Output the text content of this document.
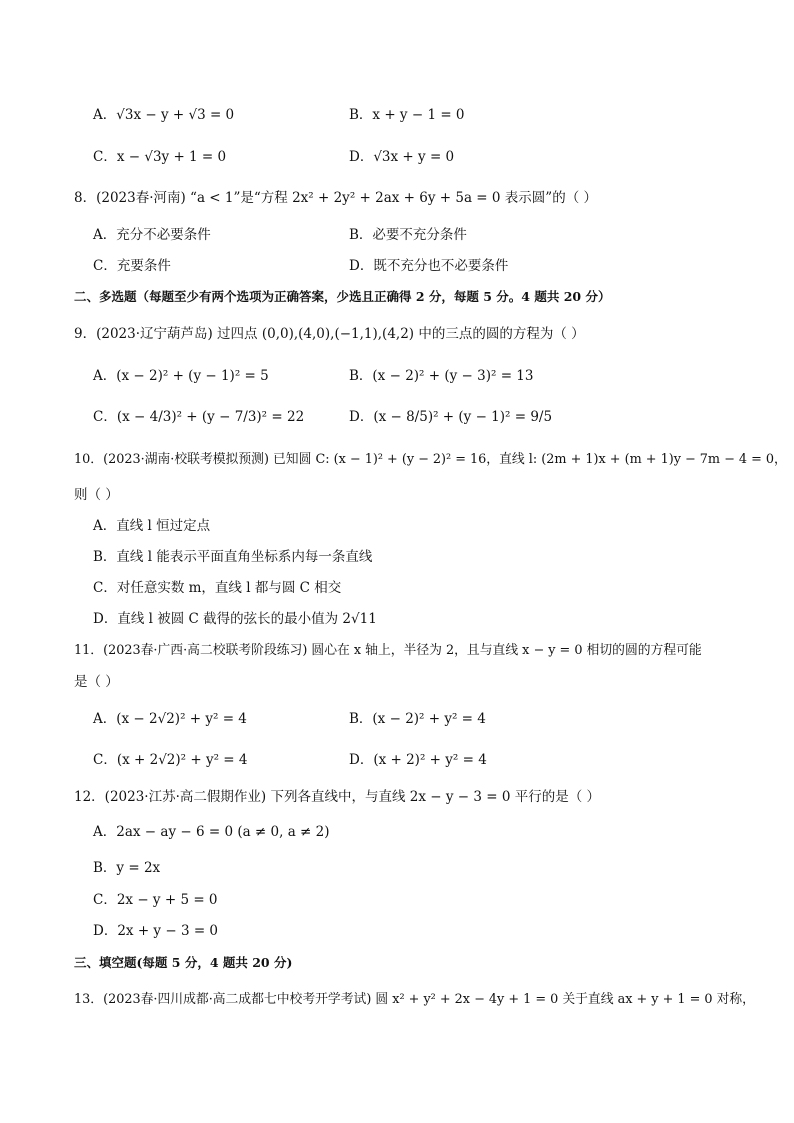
A．√3x − y + √3 = 0	B．x + y − 1 = 0
C．x − √3y + 1 = 0	D．√3x + y = 0
8．(2023春·河南) “a < 1”是“方程 2x² + 2y² + 2ax + 6y + 5a = 0 表示圆”的（ ）
A．充分不必要条件	B．必要不充分条件
C．充要条件	D．既不充分也不必要条件
二、多选题（每题至少有两个选项为正确答案，少选且正确得 2 分，每题 5 分。4 题共 20 分）
9．(2023·辽宁葫芦岛) 过四点 (0,0),(4,0),(−1,1),(4,2) 中的三点的圆的方程为（ ）
A．(x − 2)² + (y − 1)² = 5	B．(x − 2)² + (y − 3)² = 13
C．(x − 4/3)² + (y − 7/3)² = 22	D．(x − 8/5)² + (y − 1)² = 9/5
10．(2023·湖南·校联考模拟预测) 已知圆 C: (x − 1)² + (y − 2)² = 16，直线 l: (2m + 1)x + (m + 1)y − 7m − 4 = 0，
则（ ）
A．直线 l 恒过定点
B．直线 l 能表示平面直角坐标系内每一条直线
C．对任意实数 m，直线 l 都与圆 C 相交
D．直线 l 被圆 C 截得的弦长的最小值为 2√11
11．(2023春·广西·高二校联考阶段练习) 圆心在 x 轴上，半径为 2，且与直线 x − y = 0 相切的圆的方程可能
是（ ）
A．(x − 2√2)² + y² = 4	B．(x − 2)² + y² = 4
C．(x + 2√2)² + y² = 4	D．(x + 2)² + y² = 4
12．(2023·江苏·高二假期作业) 下列各直线中，与直线 2x − y − 3 = 0 平行的是（ ）
A．2ax − ay − 6 = 0 (a ≠ 0, a ≠ 2)
B．y = 2x
C．2x − y + 5 = 0
D．2x + y − 3 = 0
三、填空题(每题 5 分，4 题共 20 分)
13．(2023春·四川成都·高二成都七中校考开学考试) 圆 x² + y² + 2x − 4y + 1 = 0 关于直线 ax + y + 1 = 0 对称，
